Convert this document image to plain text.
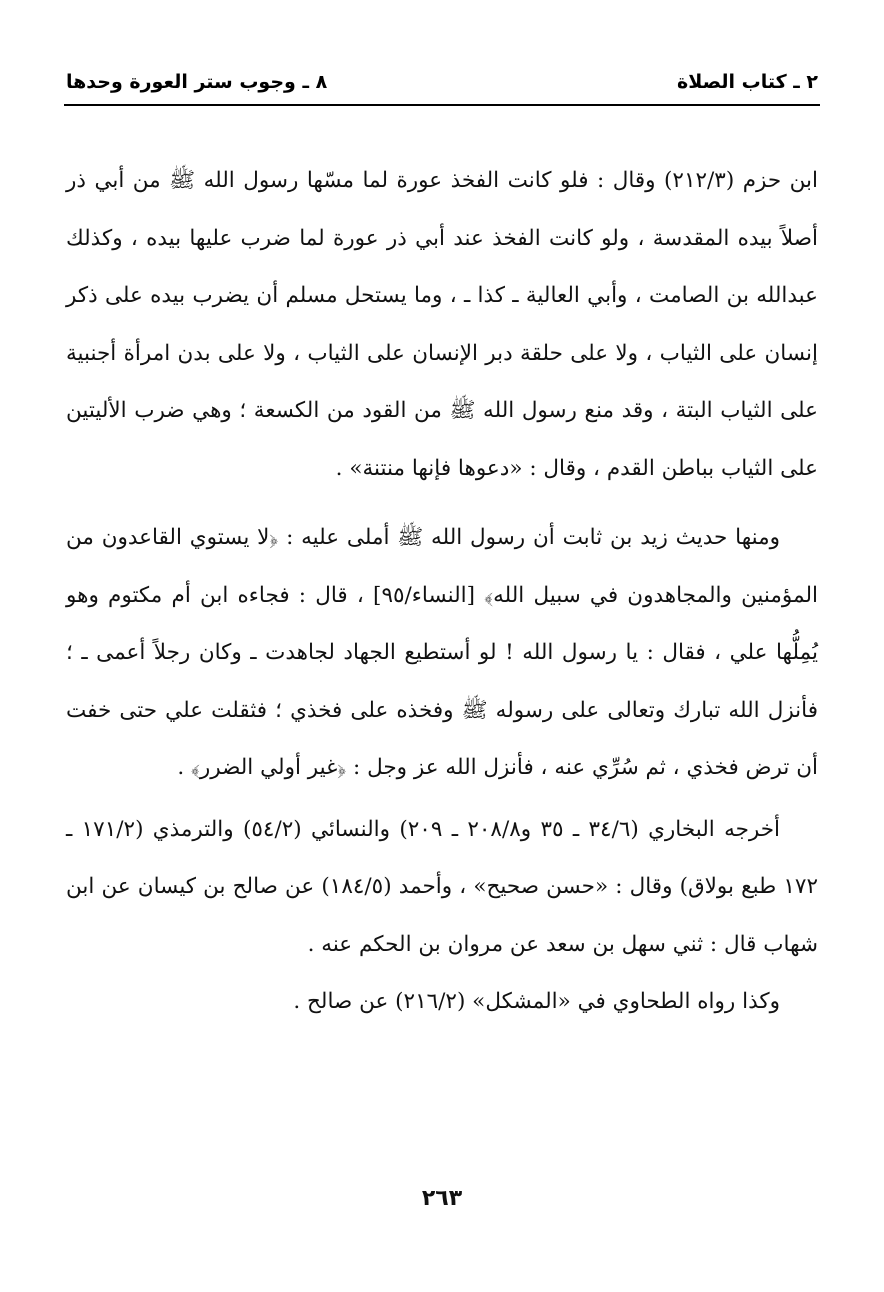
٢ ـ كتاب الصلاة
٨ ـ وجوب ستر العورة وحدها

ابن حزم (٢١٢/٣) وقال : فلو كانت الفخذ عورة لما مسّها رسول الله ﷺ من أبي ذر أصلاً بيده المقدسة ، ولو كانت الفخذ عند أبي ذر عورة لما ضرب عليها بيده ، وكذلك عبدالله بن الصامت ، وأبي العالية ـ كذا ـ ، وما يستحل مسلم أن يضرب بيده على ذكر إنسان على الثياب ، ولا على حلقة دبر الإنسان على الثياب ، ولا على بدن امرأة أجنبية على الثياب البتة ، وقد منع رسول الله ﷺ من القود من الكسعة ؛ وهي ضرب الأليتين على الثياب بباطن القدم ، وقال : «دعوها فإنها منتنة» .

ومنها حديث زيد بن ثابت أن رسول الله ﷺ أملى عليه : ﴿لا يستوي القاعدون من المؤمنين والمجاهدون في سبيل الله﴾ [النساء/٩٥] ، قال : فجاءه ابن أم مكتوم وهو يُمِلُّها علي ، فقال : يا رسول الله ! لو أستطيع الجهاد لجاهدت ـ وكان رجلاً أعمى ـ ؛ فأنزل الله تبارك وتعالى على رسوله ﷺ وفخذه على فخذي ؛ فثقلت علي حتى خفت أن ترض فخذي ، ثم سُرِّي عنه ، فأنزل الله عز وجل : ﴿غير أولي الضرر﴾ .

أخرجه البخاري (٣٤/٦ ـ ٣٥ و٢٠٨/٨ ـ ٢٠٩) والنسائي (٥٤/٢) والترمذي (١٧١/٢ ـ ١٧٢ طبع بولاق) وقال : «حسن صحيح» ، وأحمد (١٨٤/٥) عن صالح بن كيسان عن ابن شهاب قال : ثني سهل بن سعد عن مروان بن الحكم عنه .

وكذا رواه الطحاوي في «المشكل» (٢١٦/٢) عن صالح .

٢٦٣
